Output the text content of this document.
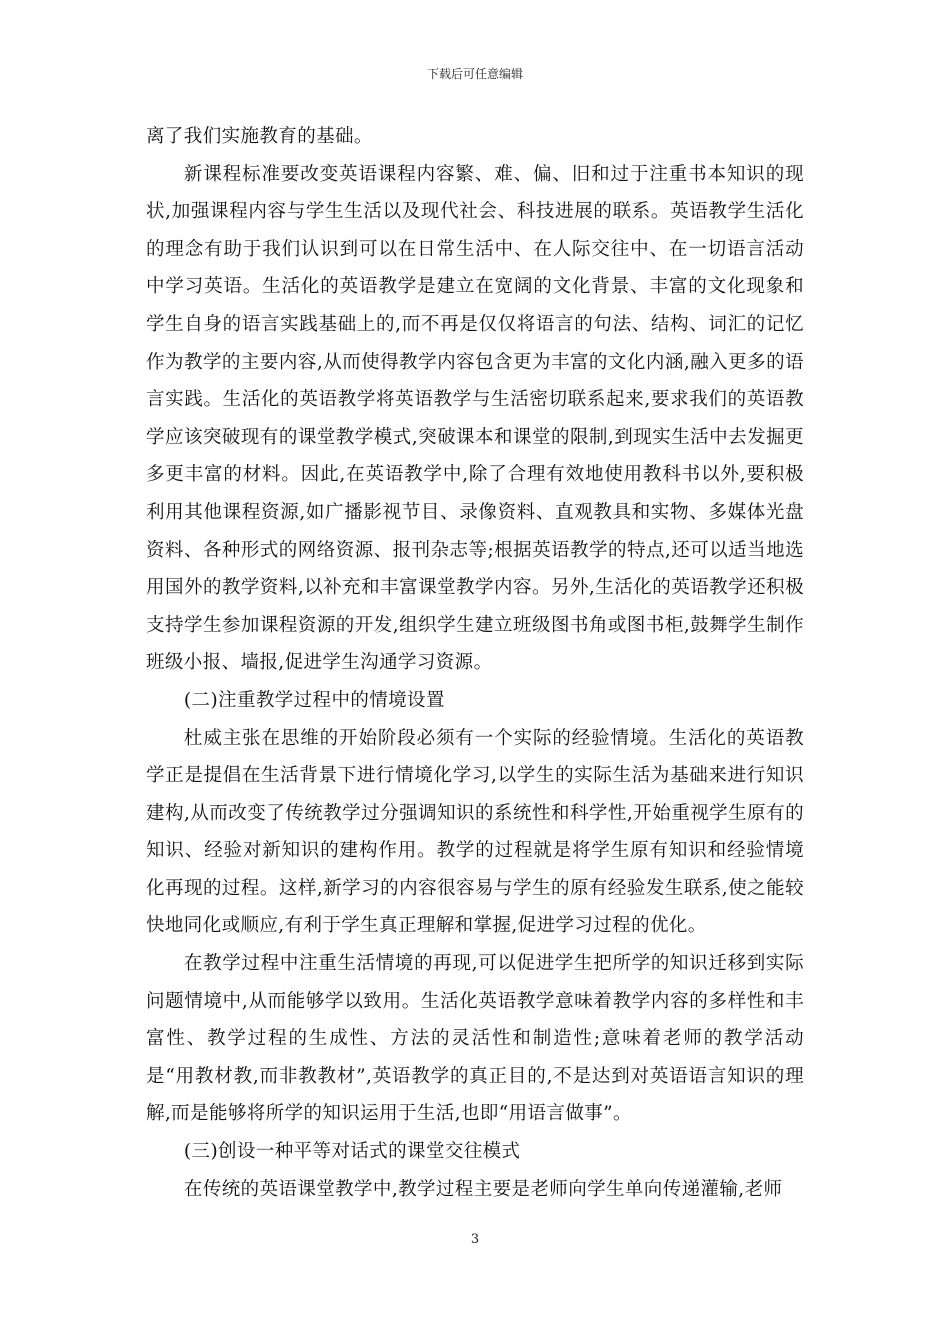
下载后可任意编辑

离了我们实施教育的基础。

新课程标准要改变英语课程内容繁、难、偏、旧和过于注重书本知识的现状,加强课程内容与学生生活以及现代社会、科技进展的联系。英语教学生活化的理念有助于我们认识到可以在日常生活中、在人际交往中、在一切语言活动中学习英语。生活化的英语教学是建立在宽阔的文化背景、丰富的文化现象和学生自身的语言实践基础上的,而不再是仅仅将语言的句法、结构、词汇的记忆作为教学的主要内容,从而使得教学内容包含更为丰富的文化内涵,融入更多的语言实践。生活化的英语教学将英语教学与生活密切联系起来,要求我们的英语教学应该突破现有的课堂教学模式,突破课本和课堂的限制,到现实生活中去发掘更多更丰富的材料。因此,在英语教学中,除了合理有效地使用教科书以外,要积极利用其他课程资源,如广播影视节目、录像资料、直观教具和实物、多媒体光盘资料、各种形式的网络资源、报刊杂志等;根据英语教学的特点,还可以适当地选用国外的教学资料,以补充和丰富课堂教学内容。另外,生活化的英语教学还积极支持学生参加课程资源的开发,组织学生建立班级图书角或图书柜,鼓舞学生制作班级小报、墙报,促进学生沟通学习资源。

(二)注重教学过程中的情境设置

杜威主张在思维的开始阶段必须有一个实际的经验情境。生活化的英语教学正是提倡在生活背景下进行情境化学习,以学生的实际生活为基础来进行知识建构,从而改变了传统教学过分强调知识的系统性和科学性,开始重视学生原有的知识、经验对新知识的建构作用。教学的过程就是将学生原有知识和经验情境化再现的过程。这样,新学习的内容很容易与学生的原有经验发生联系,使之能较快地同化或顺应,有利于学生真正理解和掌握,促进学习过程的优化。

在教学过程中注重生活情境的再现,可以促进学生把所学的知识迁移到实际问题情境中,从而能够学以致用。生活化英语教学意味着教学内容的多样性和丰富性、教学过程的生成性、方法的灵活性和制造性;意味着老师的教学活动是“用教材教,而非教教材”,英语教学的真正目的,不是达到对英语语言知识的理解,而是能够将所学的知识运用于生活,也即“用语言做事”。

(三)创设一种平等对话式的课堂交往模式

在传统的英语课堂教学中,教学过程主要是老师向学生单向传递灌输,老师

3
